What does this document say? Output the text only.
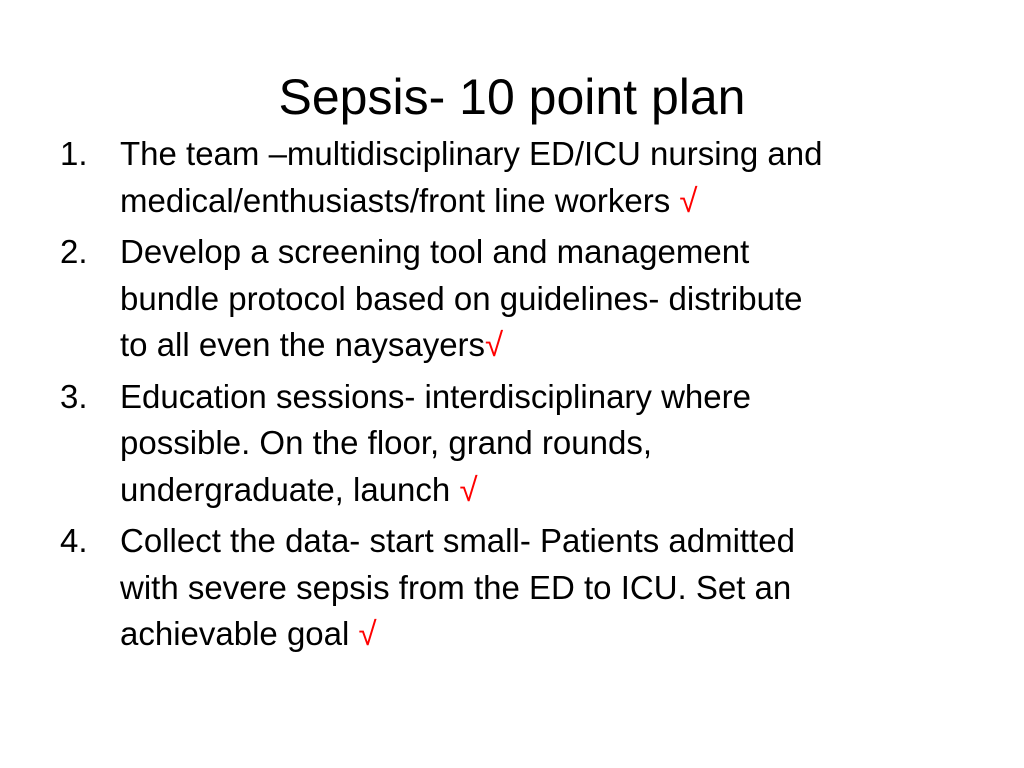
Sepsis- 10 point plan
1. The team –multidisciplinary ED/ICU nursing and
medical/enthusiasts/front line workers √
2. Develop a screening tool and management
bundle protocol based on guidelines- distribute
to all even the naysayers√
3. Education sessions- interdisciplinary where
possible. On the floor, grand rounds,
undergraduate, launch √
4. Collect the data- start small- Patients admitted
with severe sepsis from the ED to ICU. Set an
achievable goal √
